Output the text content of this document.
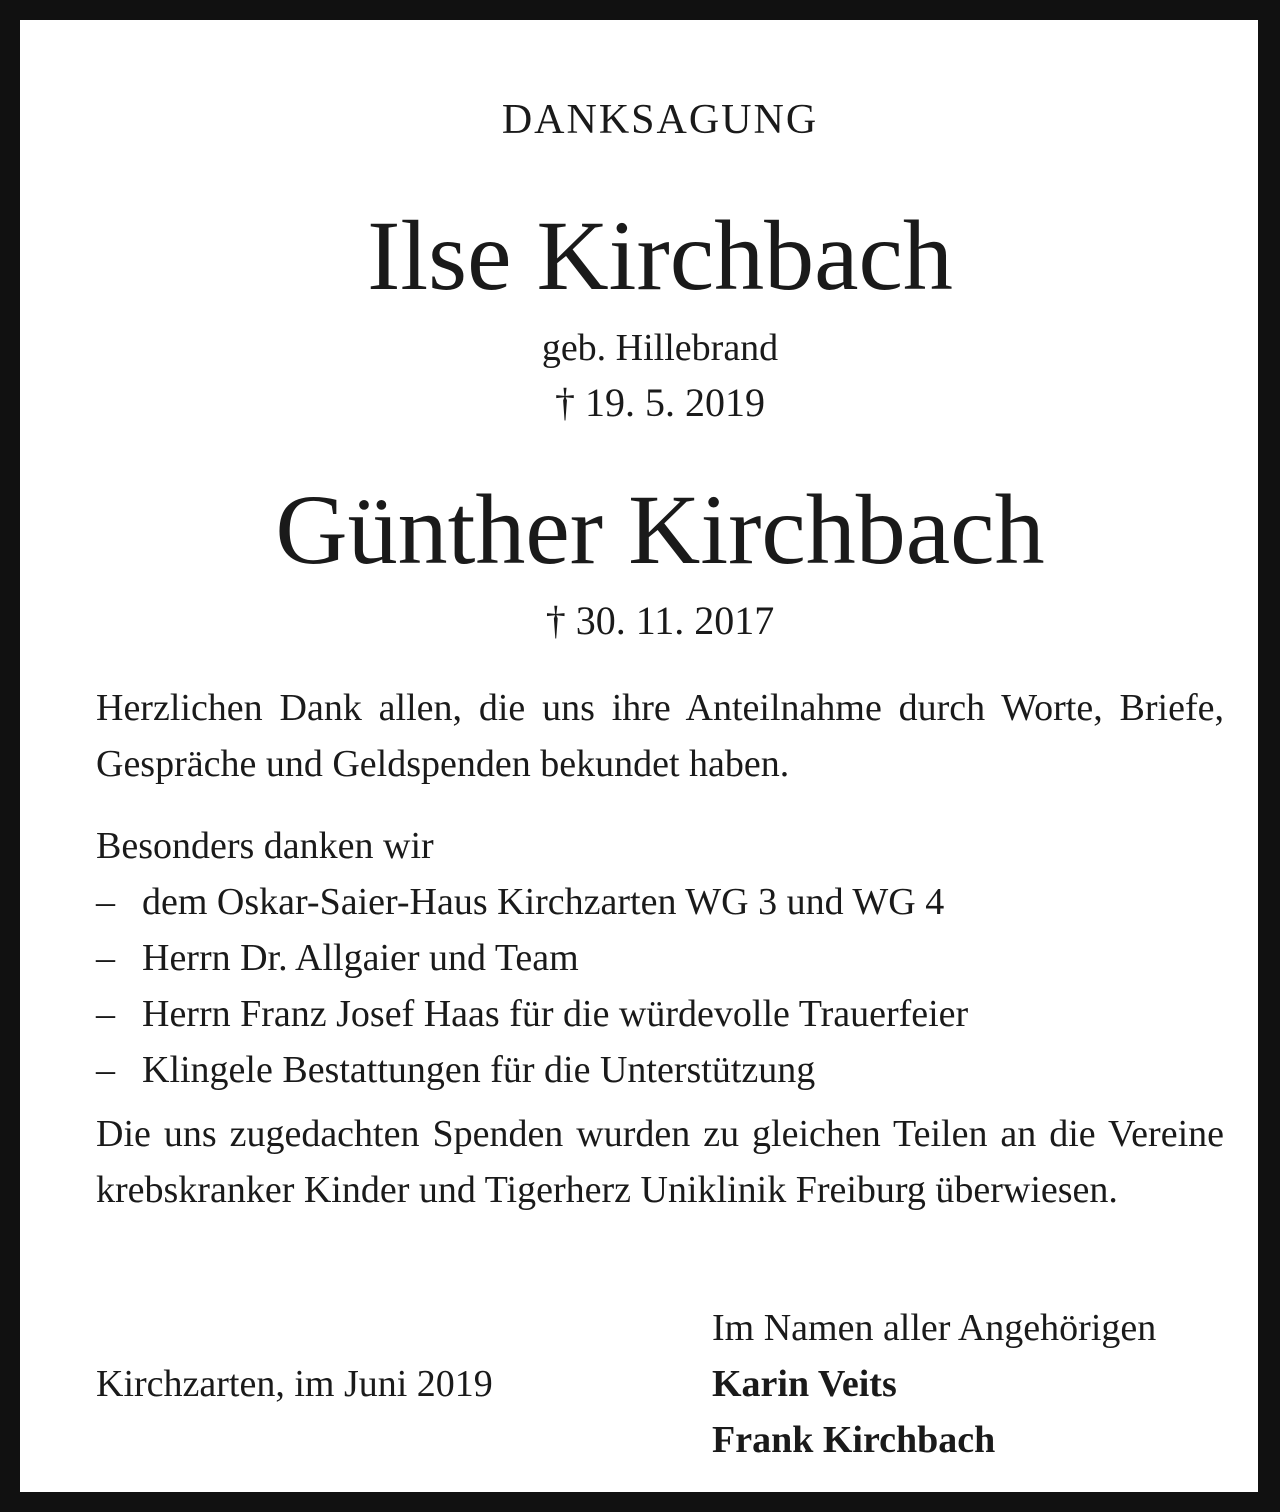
DANKSAGUNG
Ilse Kirchbach
geb. Hillebrand
† 19. 5. 2019
Günther Kirchbach
† 30. 11. 2017
Herzlichen Dank allen, die uns ihre Anteilnahme durch Worte, Briefe, Gespräche und Geldspenden bekundet haben.
Besonders danken wir
– dem Oskar-Saier-Haus Kirchzarten WG 3 und WG 4
– Herrn Dr. Allgaier und Team
– Herrn Franz Josef Haas für die würdevolle Trauerfeier
– Klingele Bestattungen für die Unterstützung
Die uns zugedachten Spenden wurden zu gleichen Teilen an die Vereine krebskranker Kinder und Tigerherz Uniklinik Freiburg überwiesen.
Kirchzarten, im Juni 2019
Im Namen aller Angehörigen
Karin Veits
Frank Kirchbach
